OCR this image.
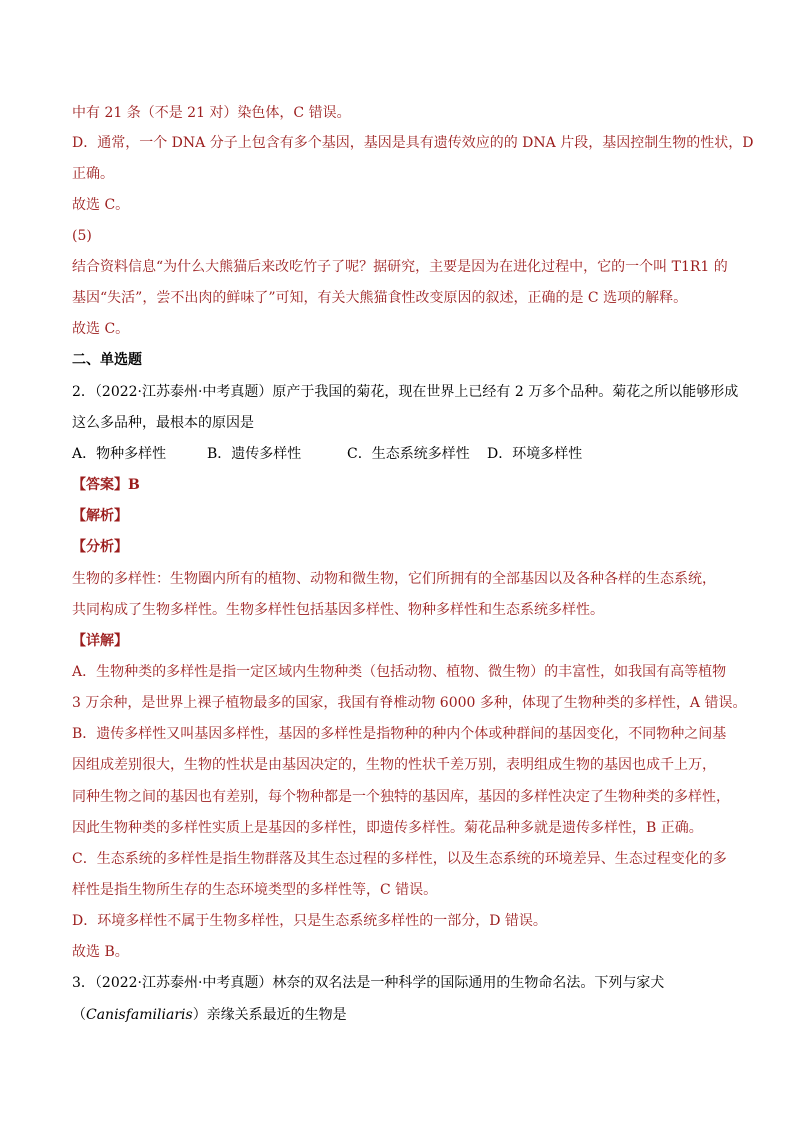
中有 21 条（不是 21 对）染色体，C 错误。
D．通常，一个 DNA 分子上包含有多个基因，基因是具有遗传效应的的 DNA 片段，基因控制生物的性状，D
正确。
故选 C。
(5)
结合资料信息“为什么大熊猫后来改吃竹子了呢？据研究，主要是因为在进化过程中，它的一个叫 T1R1 的
基因“失活”，尝不出肉的鲜味了”可知，有关大熊猫食性改变原因的叙述，正确的是 C 选项的解释。
故选 C。
二、单选题
2．（2022·江苏泰州·中考真题）原产于我国的菊花，现在世界上已经有 2 万多个品种。菊花之所以能够形成
这么多品种，最根本的原因是
A．物种多样性	B．遗传多样性	C．生态系统多样性 D．环境多样性
【答案】B
【解析】
【分析】
生物的多样性：生物圈内所有的植物、动物和微生物，它们所拥有的全部基因以及各种各样的生态系统，
共同构成了生物多样性。生物多样性包括基因多样性、物种多样性和生态系统多样性。
【详解】
A．生物种类的多样性是指一定区域内生物种类（包括动物、植物、微生物）的丰富性，如我国有高等植物
3 万余种，是世界上裸子植物最多的国家，我国有脊椎动物 6000 多种，体现了生物种类的多样性，A 错误。
B．遗传多样性又叫基因多样性，基因的多样性是指物种的种内个体或种群间的基因变化，不同物种之间基
因组成差别很大，生物的性状是由基因决定的，生物的性状千差万别，表明组成生物的基因也成千上万，
同种生物之间的基因也有差别，每个物种都是一个独特的基因库，基因的多样性决定了生物种类的多样性，
因此生物种类的多样性实质上是基因的多样性，即遗传多样性。菊花品种多就是遗传多样性，B 正确。
C．生态系统的多样性是指生物群落及其生态过程的多样性，以及生态系统的环境差异、生态过程变化的多
样性是指生物所生存的生态环境类型的多样性等，C 错误。
D．环境多样性不属于生物多样性，只是生态系统多样性的一部分，D 错误。
故选 B。
3．（2022·江苏泰州·中考真题）林奈的双名法是一种科学的国际通用的生物命名法。下列与家犬
（Canisfamiliaris）亲缘关系最近的生物是
